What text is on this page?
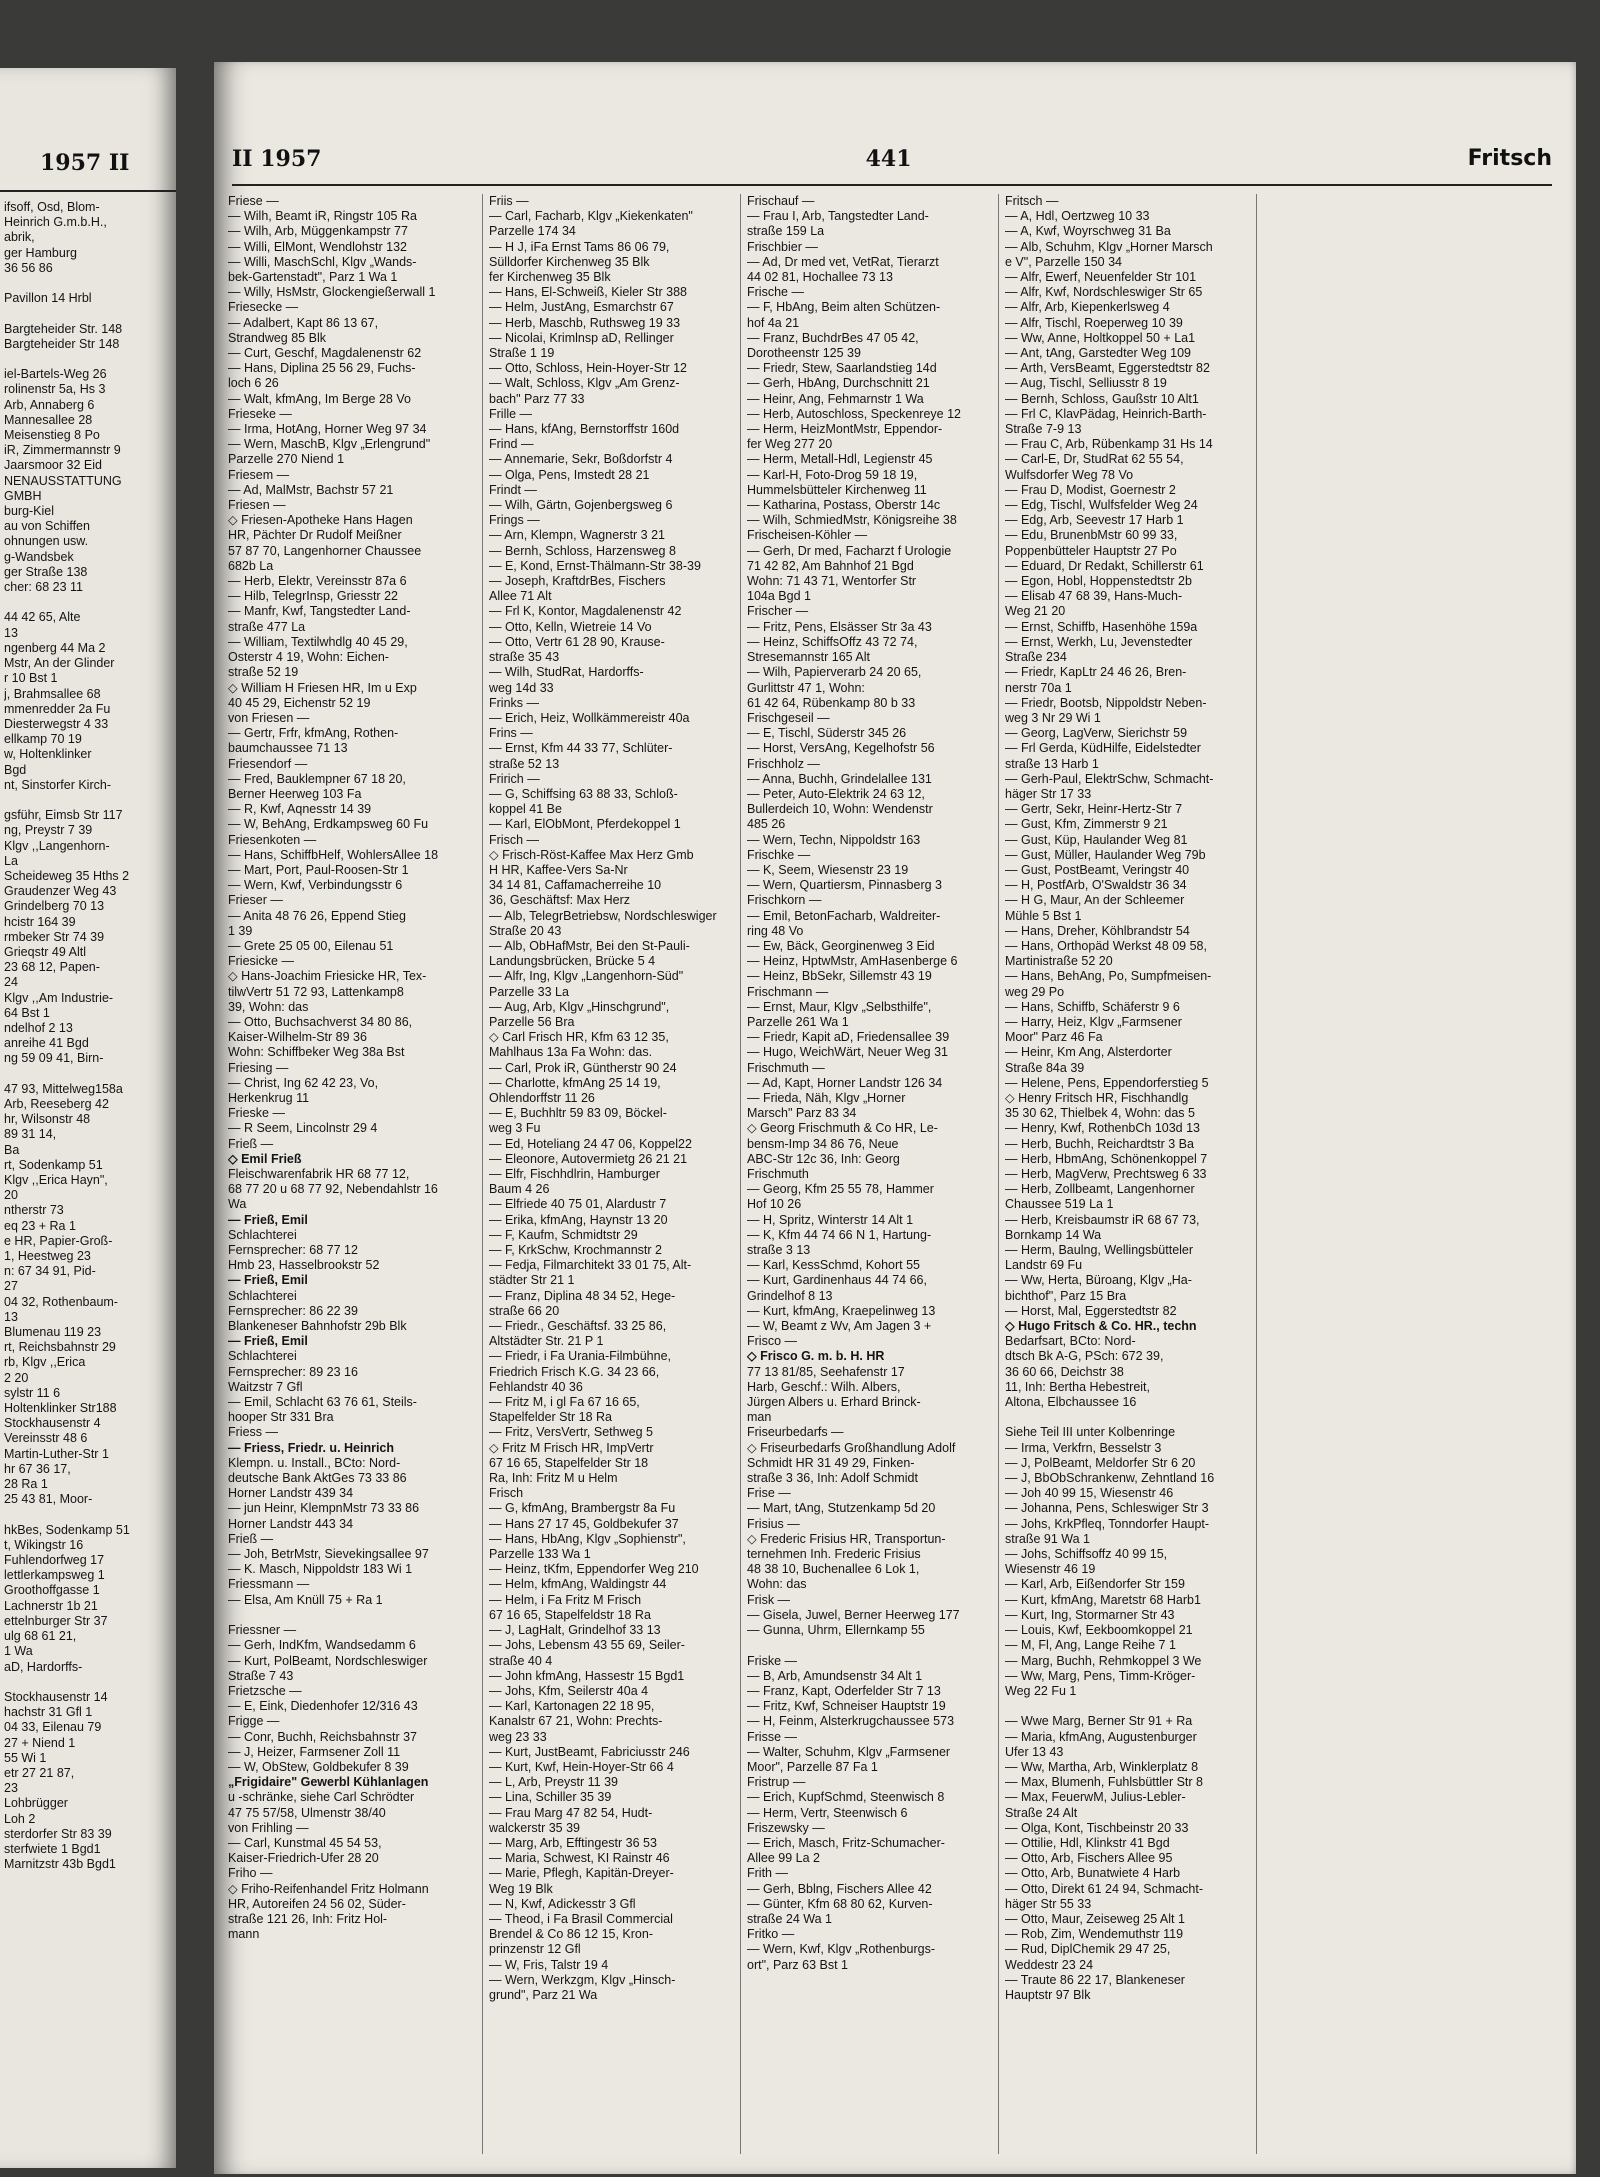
1957 II
ifsoff, Osd, Blom-
Heinrich G.m.b.H.,
abrik,
ger Hamburg
36 56 86

Pavillon 14 Hrbl

Bargteheider Str. 148
Bargteheider Str 148

iel-Bartels-Weg 26
rolinenstr 5a, Hs 3
Arb, Annaberg 6
Mannesallee 28
Meisenstieg 8 Po
iR, Zimmermannstr 9
Jaarsmoor 32 Eid
NENAUSSTATTUNG
GMBH
burg-Kiel
au von Schiffen
ohnungen usw.
g-Wandsbek
ger Straße 138
cher: 68 23 11

44 42 65, Alte
13
ngenberg 44 Ma 2
Mstr, An der Glinder
r 10 Bst 1
j, Brahmsallee 68
mmenredder 2a Fu
Diesterwegstr 4 33
ellkamp 70 19
w, Holtenklinker
Bgd
nt, Sinstorfer Kirch-

gsführ, Eimsb Str 117
ng, Preystr 7 39
Klgv ,,Langenhorn-
La
Scheideweg 35 Hths 2
Graudenzer Weg 43
Grindelberg 70 13
hcistr 164 39
rmbeker Str 74 39
Grieqstr 49 Altl
23 68 12, Papen-
24
Klgv ,,Am Industrie-
64 Bst 1
ndelhof 2 13
anreihe 41 Bgd
ng 59 09 41, Birn-

47 93, Mittelweg158a
Arb, Reeseberg 42
hr, Wilsonstr 48
89 31 14,
Ba
rt, Sodenkamp 51
Klgv ,,Erica Hayn",
20
ntherstr 73
eq 23 + Ra 1
e HR, Papier-Groß-
1, Heestweg 23
n: 67 34 91, Pid-
27
04 32, Rothenbaum-
13
Blumenau 119 23
rt, Reichsbahnstr 29
rb, Klgv ,,Erica
2 20
sylstr 11 6
Holtenklinker Str188
Stockhausenstr 4
Vereinsstr 48 6
Martin-Luther-Str 1
hr 67 36 17,
28 Ra 1
25 43 81, Moor-

hkBes, Sodenkamp 51
t, Wikingstr 16
Fuhlendorfweg 17
lettlerkampsweg 1
Groothoffgasse 1
Lachnerstr 1b 21
ettelnburger Str 37
ulg 68 61 21,
1 Wa
aD, Hardorffs-

Stockhausenstr 14
hachstr 31 Gfl 1
04 33, Eilenau 79
27 + Niend 1
55 Wi 1
etr 27 21 87,
23
Lohbrügger
Loh 2
sterdorfer Str 83 39
sterfwiete 1 Bgd1
Marnitzstr 43b Bgd1
II 1957	441	Fritsch
Friese —
— Wilh, Beamt iR, Ringstr 105 Ra
— Wilh, Arb, Müggenkampstr 77
— Willi, ElMont, Wendlohstr 132
— Willi, MaschSchl, Klgv „Wands-
bek-Gartenstadt", Parz 1 Wa 1
— Willy, HsMstr, Glockengießerwall 1
Friesecke —
— Adalbert, Kapt 86 13 67,
Strandweg 85 Blk
— Curt, Geschf, Magdalenenstr 62
— Hans, Diplina 25 56 29, Fuchs-
loch 6 26
— Walt, kfmAng, Im Berge 28 Vo
Frieseke —
— Irma, HotAng, Horner Weg 97 34
— Wern, MaschB, Klgv „Erlengrund"
Parzelle 270 Niend 1
Friesem —
— Ad, MalMstr, Bachstr 57 21
Friesen —
◇ Friesen-Apotheke Hans Hagen
HR, Pächter Dr Rudolf Meißner
57 87 70, Langenhorner Chaussee
682b La
— Herb, Elektr, Vereinsstr 87a 6
— Hilb, TelegrInsp, Griesstr 22
— Manfr, Kwf, Tangstedter Land-
straße 477 La
— William, Textilwhdlg 40 45 29,
Osterstr 4 19, Wohn: Eichen-
straße 52 19
◇ William H Friesen HR, Im u Exp
40 45 29, Eichenstr 52 19
von Friesen —
— Gertr, Frfr, kfmAng, Rothen-
baumchaussee 71 13
Friesendorf —
— Fred, Bauklempner 67 18 20,
Berner Heerweg 103 Fa
— R, Kwf, Aqnesstr 14 39
— W, BehAng, Erdkampsweg 60 Fu
Friesenkoten —
— Hans, SchiffbHelf, WohlersAllee 18
— Mart, Port, Paul-Roosen-Str 1
— Wern, Kwf, Verbindungsstr 6
Frieser —
— Anita 48 76 26, Eppend Stieg
1 39
— Grete 25 05 00, Eilenau 51
Friesicke —
◇ Hans-Joachim Friesicke HR, Tex-
tilwVertr 51 72 93, Lattenkamp8
39, Wohn: das
— Otto, Buchsachverst 34 80 86,
Kaiser-Wilhelm-Str 89 36
Wohn: Schiffbeker Weg 38a Bst
Friesing —
— Christ, Ing 62 42 23, Vo,
Herkenkrug 11
Frieske —
— R Seem, Lincolnstr 29 4
Frieß —
◇ Emil Frieß
Fleischwarenfabrik HR 68 77 12,
68 77 20 u 68 77 92, Nebendahlstr 16
Wa
— Frieß, Emil
Schlachterei
Fernsprecher: 68 77 12
Hmb 23, Hasselbrookstr 52
— Frieß, Emil
Schlachterei
Fernsprecher: 86 22 39
Blankeneser Bahnhofstr 29b Blk
— Frieß, Emil
Schlachterei
Fernsprecher: 89 23 16
Waitzstr 7 Gfl
— Emil, Schlacht 63 76 61, Steils-
hooper Str 331 Bra
Friess —
— Friess, Friedr. u. Heinrich
Klempn. u. Install., BCto: Nord-
deutsche Bank AktGes 73 33 86
Horner Landstr 439 34
— jun Heinr, KlempnMstr 73 33 86
Horner Landstr 443 34
Frieß —
— Joh, BetrMstr, Sievekingsallee 97
— K. Masch, Nippoldstr 183 Wi 1
Friessmann —
— Elsa, Am Knüll 75 + Ra 1

Friessner —
— Gerh, IndKfm, Wandsedamm 6
— Kurt, PolBeamt, Nordschleswiger
Straße 7 43
Frietzsche —
— E, Eink, Diedenhofer 12/316 43
Frigge —
— Conr, Buchh, Reichsbahnstr 37
— J, Heizer, Farmsener Zoll 11
— W, ObStew, Goldbekufer 8 39
„Frigidaire" Gewerbl Kühlanlagen
u -schränke, siehe Carl Schrödter
47 75 57/58, Ulmenstr 38/40
von Frihling —
— Carl, Kunstmal 45 54 53,
Kaiser-Friedrich-Ufer 28 20
Friho —
◇ Friho-Reifenhandel Fritz Holmann
HR, Autoreifen 24 56 02, Süder-
straße 121 26, Inh: Fritz Hol-
mann
Friis —
— Carl, Facharb, Klgv „Kiekenkaten"
Parzelle 174 34
— H J, iFa Ernst Tams 86 06 79,
Sülldorfer Kirchenweg 35 Blk
fer Kirchenweg 35 Blk
— Hans, El-Schweiß, Kieler Str 388
— Helm, JustAng, Esmarchstr 67
— Herb, Maschb, Ruthsweg 19 33
— Nicolai, Krimlnsp aD, Rellinger
Straße 1 19
— Otto, Schloss, Hein-Hoyer-Str 12
— Walt, Schloss, Klgv „Am Grenz-
bach" Parz 77 33
Frille —
— Hans, kfAng, Bernstorffstr 160d
Frind —
— Annemarie, Sekr, Boßdorfstr 4
— Olga, Pens, Imstedt 28 21
Frindt —
— Wilh, Gärtn, Gojenbergsweg 6
Frings —
— Arn, Klempn, Wagnerstr 3 21
— Bernh, Schloss, Harzensweg 8
— E, Kond, Ernst-Thälmann-Str 38-39
— Joseph, KraftdrBes, Fischers
Allee 71 Alt
— Frl K, Kontor, Magdalenenstr 42
— Otto, Kelln, Wietreie 14 Vo
— Otto, Vertr 61 28 90, Krause-
straße 35 43
— Wilh, StudRat, Hardorffs-
weg 14d 33
Frinks —
— Erich, Heiz, Wollkämmereistr 40a
Frins —
— Ernst, Kfm 44 33 77, Schlüter-
straße 52 13
Fririch —
— G, Schiffsing 63 88 33, Schloß-
koppel 41 Be
— Karl, ElObMont, Pferdekoppel 1
Frisch —
◇ Frisch-Röst-Kaffee Max Herz Gmb
H HR, Kaffee-Vers Sa-Nr
34 14 81, Caffamacherreihe 10
36, Geschäftsf: Max Herz
— Alb, TelegrBetriebsw, Nordschleswiger
Straße 20 43
— Alb, ObHafMstr, Bei den St-Pauli-
Landungsbrücken, Brücke 5 4
— Alfr, Ing, Klgv „Langenhorn-Süd"
Parzelle 33 La
— Aug, Arb, Klgv „Hinschgrund",
Parzelle 56 Bra
◇ Carl Frisch HR, Kfm 63 12 35,
Mahlhaus 13a Fa Wohn: das.
— Carl, Prok iR, Güntherstr 90 24
— Charlotte, kfmAng 25 14 19,
Ohlendorffstr 11 26
— E, Buchhltr 59 83 09, Böckel-
weg 3 Fu
— Ed, Hoteliang 24 47 06, Koppel22
— Eleonore, Autovermietg 26 21 21
— Elfr, Fischhdlrin, Hamburger
Baum 4 26
— Elfriede 40 75 01, Alardustr 7
— Erika, kfmAng, Haynstr 13 20
— F, Kaufm, Schmidtstr 29
— F, KrkSchw, Krochmannstr 2
— Fedja, Filmarchitekt 33 01 75, Alt-
städter Str 21 1
— Franz, Diplina 48 34 52, Hege-
straße 66 20
— Friedr., Geschäftsf. 33 25 86,
Altstädter Str. 21 P 1
— Friedr, i Fa Urania-Filmbühne,
Friedrich Frisch K.G. 34 23 66,
Fehlandstr 40 36
— Fritz M, i gl Fa 67 16 65,
Stapelfelder Str 18 Ra
— Fritz, VersVertr, Sethweg 5
◇ Fritz M Frisch HR, ImpVertr
67 16 65, Stapelfelder Str 18
Ra, Inh: Fritz M u Helm
Frisch
— G, kfmAng, Brambergstr 8a Fu
— Hans 27 17 45, Goldbekufer 37
— Hans, HbAng, Klgv „Sophienstr",
Parzelle 133 Wa 1
— Heinz, tKfm, Eppendorfer Weg 210
— Helm, kfmAng, Waldingstr 44
— Helm, i Fa Fritz M Frisch
67 16 65, Stapelfeldstr 18 Ra
— J, LagHalt, Grindelhof 33 13
— Johs, Lebensm 43 55 69, Seiler-
straße 40 4
— John kfmAng, Hassestr 15 Bgd1
— Johs, Kfm, Seilerstr 40a 4
— Karl, Kartonagen 22 18 95,
Kanalstr 67 21, Wohn: Prechts-
weg 23 33
— Kurt, JustBeamt, Fabriciusstr 246
— Kurt, Kwf, Hein-Hoyer-Str 66 4
— L, Arb, Preystr 11 39
— Lina, Schiller 35 39
— Frau Marg 47 82 54, Hudt-
walckerstr 35 39
— Marg, Arb, Efftingestr 36 53
— Maria, Schwest, KI Rainstr 46
— Marie, Pflegh, Kapitän-Dreyer-
Weg 19 Blk
— N, Kwf, Adickesstr 3 Gfl
— Theod, i Fa Brasil Commercial
Brendel & Co 86 12 15, Kron-
prinzenstr 12 Gfl
— W, Fris, Talstr 19 4
— Wern, Werkzgm, Klgv „Hinsch-
grund", Parz 21 Wa
Frischauf —
— Frau I, Arb, Tangstedter Land-
straße 159 La
Frischbier —
— Ad, Dr med vet, VetRat, Tierarzt
44 02 81, Hochallee 73 13
Frische —
— F, HbAng, Beim alten Schützen-
hof 4a 21
— Franz, BuchdrBes 47 05 42,
Dorotheenstr 125 39
— Friedr, Stew, Saarlandstieg 14d
— Gerh, HbAng, Durchschnitt 21
— Heinr, Ang, Fehmarnstr 1 Wa
— Herb, Autoschloss, Speckenreye 12
— Herm, HeizMontMstr, Eppendor-
fer Weg 277 20
— Herm, Metall-Hdl, Legienstr 45
— Karl-H, Foto-Drog 59 18 19,
Hummelsbütteler Kirchenweg 11
— Katharina, Postass, Oberstr 14c
— Wilh, SchmiedMstr, Königsreihe 38
Frischeisen-Köhler —
— Gerh, Dr med, Facharzt f Urologie
71 42 82, Am Bahnhof 21 Bgd
Wohn: 71 43 71, Wentorfer Str
104a Bgd 1
Frischer —
— Fritz, Pens, Elsässer Str 3a 43
— Heinz, SchiffsOffz 43 72 74,
Stresemannstr 165 Alt
— Wilh, Papierverarb 24 20 65,
Gurlittstr 47 1, Wohn:
61 42 64, Rübenkamp 80 b 33
Frischgeseil —
— E, Tischl, Süderstr 345 26
— Horst, VersAng, Kegelhofstr 56
Frischholz —
— Anna, Buchh, Grindelallee 131
— Peter, Auto-Elektrik 24 63 12,
Bullerdeich 10, Wohn: Wendenstr
485 26
— Wern, Techn, Nippoldstr 163
Frischke —
— K, Seem, Wiesenstr 23 19
— Wern, Quartiersm, Pinnasberg 3
Frischkorn —
— Emil, BetonFacharb, Waldreiter-
ring 48 Vo
— Ew, Bäck, Georginenweg 3 Eid
— Heinz, HptwMstr, AmHasenberge 6
— Heinz, BbSekr, Sillemstr 43 19
Frischmann —
— Ernst, Maur, Klgv „Selbsthilfe",
Parzelle 261 Wa 1
— Friedr, Kapit aD, Friedensallee 39
— Hugo, WeichWärt, Neuer Weg 31
Frischmuth —
— Ad, Kapt, Horner Landstr 126 34
— Frieda, Näh, Klgv „Horner
Marsch" Parz 83 34
◇ Georg Frischmuth & Co HR, Le-
bensm-Imp 34 86 76, Neue
ABC-Str 12c 36, Inh: Georg
Frischmuth
— Georg, Kfm 25 55 78, Hammer
Hof 10 26
— H, Spritz, Winterstr 14 Alt 1
— K, Kfm 44 74 66 N 1, Hartung-
straße 3 13
— Karl, KessSchmd, Kohort 55
— Kurt, Gardinenhaus 44 74 66,
Grindelhof 8 13
— Kurt, kfmAng, Kraepelinweg 13
— W, Beamt z Wv, Am Jagen 3 +
Frisco —
◇ Frisco G. m. b. H. HR
77 13 81/85, Seehafenstr 17
Harb, Geschf.: Wilh. Albers,
Jürgen Albers u. Erhard Brinck-
man
Friseurbedarfs —
◇ Friseurbedarfs Großhandlung Adolf
Schmidt HR 31 49 29, Finken-
straße 3 36, Inh: Adolf Schmidt
Frise —
— Mart, tAng, Stutzenkamp 5d 20
Frisius —
◇ Frederic Frisius HR, Transportun-
ternehmen Inh. Frederic Frisius
48 38 10, Buchenallee 6 Lok 1,
Wohn: das
Frisk —
— Gisela, Juwel, Berner Heerweg 177
— Gunna, Uhrm, Ellernkamp 55

Friske —
— B, Arb, Amundsenstr 34 Alt 1
— Franz, Kapt, Oderfelder Str 7 13
— Fritz, Kwf, Schneiser Hauptstr 19
— H, Feinm, Alsterkrugchaussee 573
Frisse —
— Walter, Schuhm, Klgv „Farmsener
Moor", Parzelle 87 Fa 1
Fristrup —
— Erich, KupfSchmd, Steenwisch 8
— Herm, Vertr, Steenwisch 6
Friszewsky —
— Erich, Masch, Fritz-Schumacher-
Allee 99 La 2
Frith —
— Gerh, Bblng, Fischers Allee 42
— Günter, Kfm 68 80 62, Kurven-
straße 24 Wa 1
Fritko —
— Wern, Kwf, Klgv „Rothenburgs-
ort", Parz 63 Bst 1
Fritsch —
— A, Hdl, Oertzweg 10 33
— A, Kwf, Woyrschweg 31 Ba
— Alb, Schuhm, Klgv „Horner Marsch
e V", Parzelle 150 34
— Alfr, Ewerf, Neuenfelder Str 101
— Alfr, Kwf, Nordschleswiger Str 65
— Alfr, Arb, Kiepenkerlsweg 4
— Alfr, Tischl, Roeperweg 10 39
— Ww, Anne, Holtkoppel 50 + La1
— Ant, tAng, Garstedter Weg 109
— Arth, VersBeamt, Eggerstedtstr 82
— Aug, Tischl, Selliusstr 8 19
— Bernh, Schloss, Gaußstr 10 Alt1
— Frl C, KlavPädag, Heinrich-Barth-
Straße 7-9 13
— Frau C, Arb, Rübenkamp 31 Hs 14
— Carl-E, Dr, StudRat 62 55 54,
Wulfsdorfer Weg 78 Vo
— Frau D, Modist, Goernestr 2
— Edg, Tischl, Wulfsfelder Weg 24
— Edg, Arb, Seevestr 17 Harb 1
— Edu, BrunenbMstr 60 99 33,
Poppenbütteler Hauptstr 27 Po
— Eduard, Dr Redakt, Schillerstr 61
— Egon, Hobl, Hoppenstedtstr 2b
— Elisab 47 68 39, Hans-Much-
Weg 21 20
— Ernst, Schiffb, Hasenhöhe 159a
— Ernst, Werkh, Lu, Jevenstedter
Straße 234
— Friedr, KapLtr 24 46 26, Bren-
nerstr 70a 1
— Friedr, Bootsb, Nippoldstr Neben-
weg 3 Nr 29 Wi 1
— Georg, LagVerw, Sierichstr 59
— Frl Gerda, KüdHilfe, Eidelstedter
straße 13 Harb 1
— Gerh-Paul, ElektrSchw, Schmacht-
häger Str 17 33
— Gertr, Sekr, Heinr-Hertz-Str 7
— Gust, Kfm, Zimmerstr 9 21
— Gust, Küp, Haulander Weg 81
— Gust, Müller, Haulander Weg 79b
— Gust, PostBeamt, Veringstr 40
— H, PostfArb, O'Swaldstr 36 34
— H G, Maur, An der Schleemer
Mühle 5 Bst 1
— Hans, Dreher, Köhlbrandstr 54
— Hans, Orthopäd Werkst 48 09 58,
Martinistraße 52 20
— Hans, BehAng, Po, Sumpfmeisen-
weg 29 Po
— Hans, Schiffb, Schäferstr 9 6
— Harry, Heiz, Klgv „Farmsener
Moor" Parz 46 Fa
— Heinr, Km Ang, Alsterdorter
Straße 84a 39
— Helene, Pens, Eppendorferstieg 5
◇ Henry Fritsch HR, Fischhandlg
35 30 62, Thielbek 4, Wohn: das 5
— Henry, Kwf, RothenbCh 103d 13
— Herb, Buchh, Reichardtstr 3 Ba
— Herb, HbmAng, Schönenkoppel 7
— Herb, MagVerw, Prechtsweg 6 33
— Herb, Zollbeamt, Langenhorner
Chaussee 519 La 1
— Herb, Kreisbaumstr iR 68 67 73,
Bornkamp 14 Wa
— Herm, Baulng, Wellingsbütteler
Landstr 69 Fu
— Ww, Herta, Büroang, Klgv „Ha-
bichthof", Parz 15 Bra
— Horst, Mal, Eggerstedtstr 82
◇ Hugo Fritsch & Co. HR., techn
Bedarfsart, BCto: Nord-
dtsch Bk A-G, PSch: 672 39,
36 60 66, Deichstr 38
11, Inh: Bertha Hebestreit,
Altona, Elbchaussee 16

Siehe Teil III unter Kolbenringe
— Irma, Verkfrn, Besselstr 3
— J, PolBeamt, Meldorfer Str 6 20
— J, BbObSchrankenw, Zehntland 16
— Joh 40 99 15, Wiesenstr 46
— Johanna, Pens, Schleswiger Str 3
— Johs, KrkPfleq, Tonndorfer Haupt-
straße 91 Wa 1
— Johs, Schiffsoffz 40 99 15,
Wiesenstr 46 19
— Karl, Arb, Eißendorfer Str 159
— Kurt, kfmAng, Maretstr 68 Harb1
— Kurt, Ing, Stormarner Str 43
— Louis, Kwf, Eekboomkoppel 21
— M, Fl, Ang, Lange Reihe 7 1
— Marg, Buchh, Rehmkoppel 3 We
— Ww, Marg, Pens, Timm-Kröger-
Weg 22 Fu 1

— Wwe Marg, Berner Str 91 + Ra
— Maria, kfmAng, Augustenburger
Ufer 13 43
— Ww, Martha, Arb, Winklerplatz 8
— Max, Blumenh, Fuhlsbüttler Str 8
— Max, FeuerwM, Julius-Lebler-
Straße 24 Alt
— Olga, Kont, Tischbeinstr 20 33
— Ottilie, Hdl, Klinkstr 41 Bgd
— Otto, Arb, Fischers Allee 95
— Otto, Arb, Bunatwiete 4 Harb
— Otto, Direkt 61 24 94, Schmacht-
häger Str 55 33
— Otto, Maur, Zeiseweg 25 Alt 1
— Rob, Zim, Wendemuthstr 119
— Rud, DiplChemik 29 47 25,
Weddestr 23 24
— Traute 86 22 17, Blankeneser
Hauptstr 97 Blk
